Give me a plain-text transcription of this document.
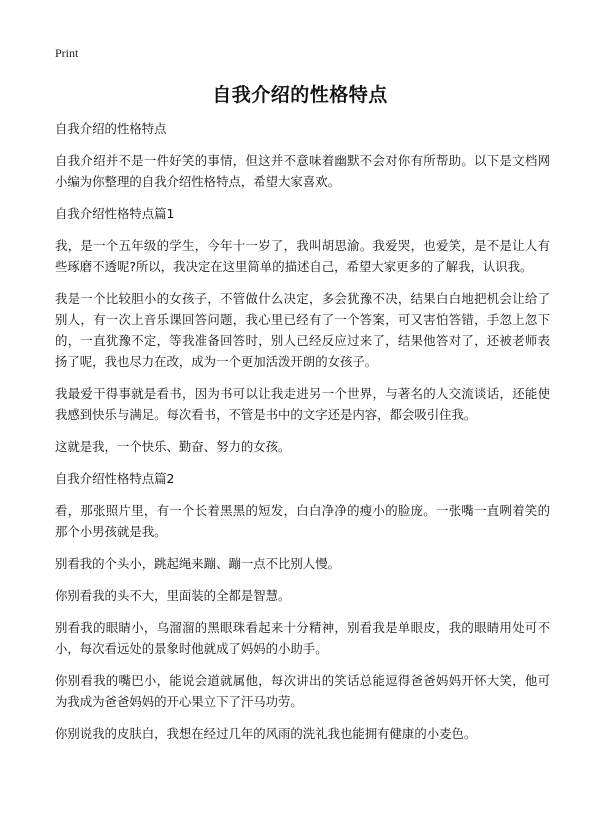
Print
自我介绍的性格特点
自我介绍的性格特点
自我介绍并不是一件好笑的事情，但这并不意味着幽默不会对你有所帮助。以下是文档网小编为你整理的自我介绍性格特点，希望大家喜欢。
自我介绍性格特点篇1
我，是一个五年级的学生，今年十一岁了，我叫胡思渝。我爱哭，也爱笑，是不是让人有些琢磨不透呢?所以，我决定在这里简单的描述自己，希望大家更多的了解我，认识我。
我是一个比较胆小的女孩子，不管做什么决定，多会犹豫不决，结果白白地把机会让给了别人，有一次上音乐课回答问题，我心里已经有了一个答案，可又害怕答错，手忽上忽下的，一直犹豫不定，等我准备回答时，别人已经反应过来了，结果他答对了，还被老师表扬了呢，我也尽力在改，成为一个更加活泼开朗的女孩子。
我最爱干得事就是看书，因为书可以让我走进另一个世界，与著名的人交流谈话，还能使我感到快乐与满足。每次看书，不管是书中的文字还是内容，都会吸引住我。
这就是我，一个快乐、勤奋、努力的女孩。
自我介绍性格特点篇2
看，那张照片里，有一个长着黑黑的短发，白白净净的瘦小的脸庞。一张嘴一直咧着笑的那个小男孩就是我。
别看我的个头小，跳起绳来蹦、蹦一点不比别人慢。
你别看我的头不大，里面装的全都是智慧。
别看我的眼睛小，乌溜溜的黑眼珠看起来十分精神，别看我是单眼皮，我的眼睛用处可不小，每次看远处的景象时他就成了妈妈的小助手。
你别看我的嘴巴小，能说会道就属他，每次讲出的笑话总能逗得爸爸妈妈开怀大笑，他可为我成为爸爸妈妈的开心果立下了汗马功劳。
你别说我的皮肤白，我想在经过几年的风雨的洗礼我也能拥有健康的小麦色。
